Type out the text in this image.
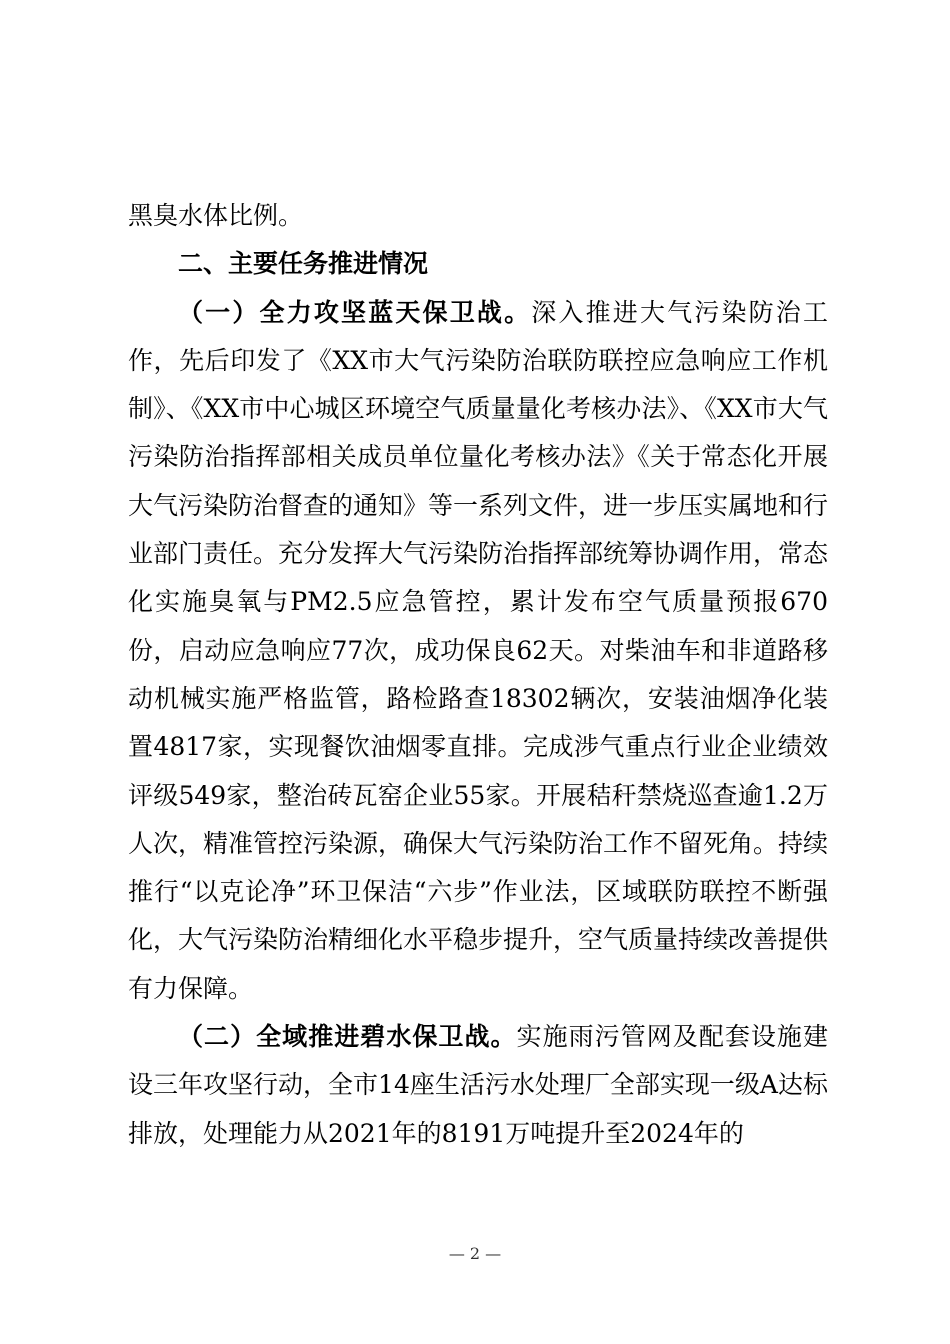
黑臭水体比例。

二、主要任务推进情况

（一）全力攻坚蓝天保卫战。深入推进大气污染防治工作，先后印发了《XX市大气污染防治联防联控应急响应工作机制》、《XX市中心城区环境空气质量量化考核办法》、《XX市大气污染防治指挥部相关成员单位量化考核办法》《关于常态化开展大气污染防治督查的通知》等一系列文件，进一步压实属地和行业部门责任。充分发挥大气污染防治指挥部统筹协调作用，常态化实施臭氧与PM2.5应急管控，累计发布空气质量预报670份，启动应急响应77次，成功保良62天。对柴油车和非道路移动机械实施严格监管，路检路查18302辆次，安装油烟净化装置4817家，实现餐饮油烟零直排。完成涉气重点行业企业绩效评级549家，整治砖瓦窑企业55家。开展秸秆禁烧巡查逾1.2万人次，精准管控污染源，确保大气污染防治工作不留死角。持续推行“以克论净”环卫保洁“六步”作业法，区域联防联控不断强化，大气污染防治精细化水平稳步提升，空气质量持续改善提供有力保障。

（二）全域推进碧水保卫战。实施雨污管网及配套设施建设三年攻坚行动，全市14座生活污水处理厂全部实现一级A达标排放，处理能力从2021年的8191万吨提升至2024年的

— 2 —
